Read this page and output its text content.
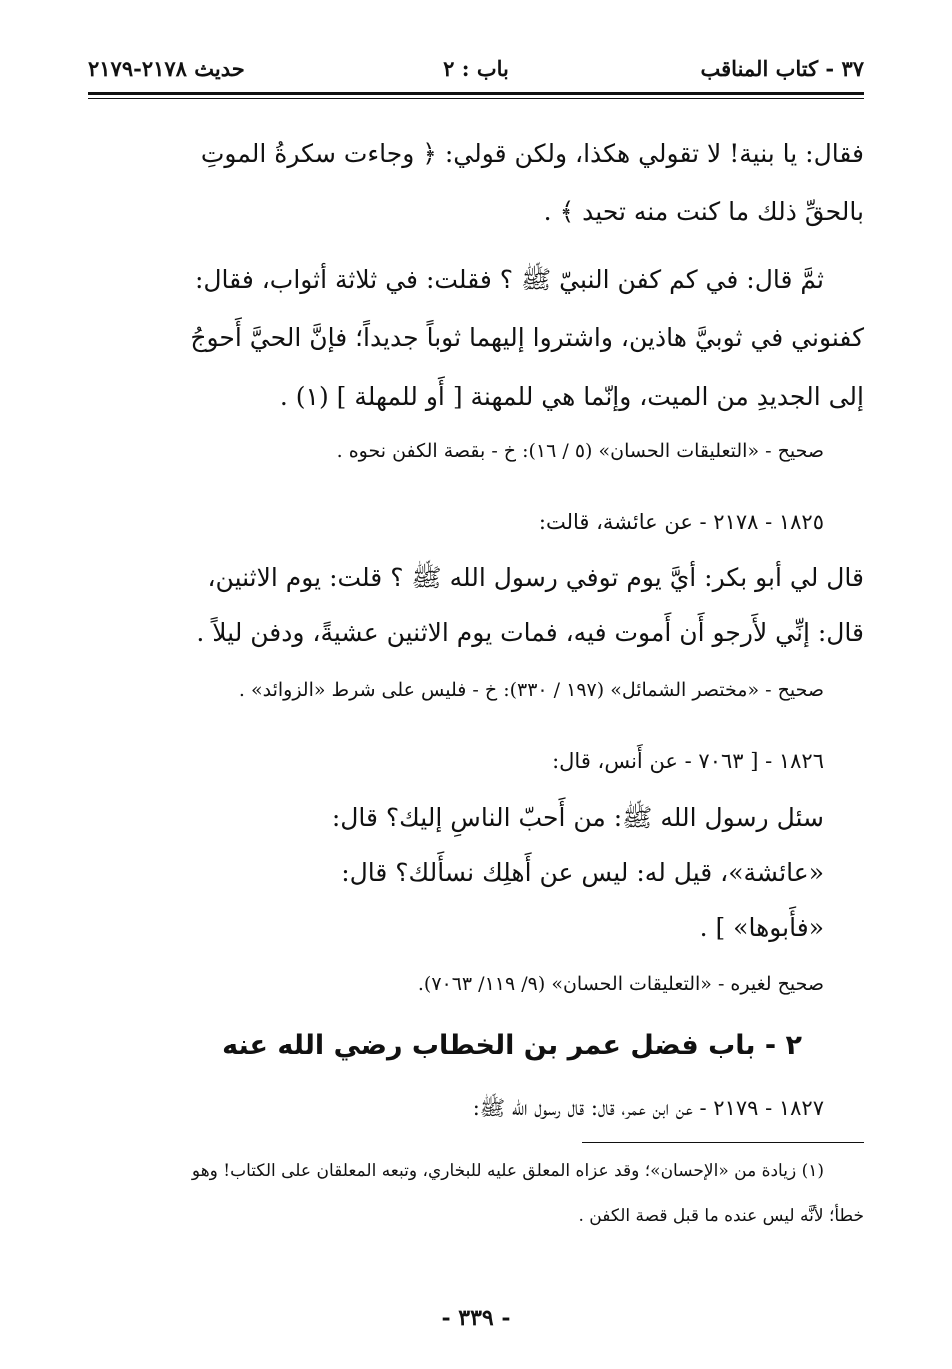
٣٧ - كتاب المناقب
باب : ٢
حديث ٢١٧٨-٢١٧٩
فقال: يا بنية! لا تقولي هكذا، ولكن قولي: ﴿ وجاءت سكرةُ الموتِ
بالحقِّ ذلك ما كنت منه تحيد ﴾ .
ثمَّ قال: في كم كفن النبيّ ﷺ ؟ فقلت: في ثلاثة أثواب، فقال:
كفنوني في ثوبيَّ هاذين، واشتروا إليهما ثوباً جديداً؛ فإنَّ الحيَّ أَحوجُ
إلى الجديدِ من الميت، وإنّما هي للمهنة [ أَو للمهلة ] (١) .
صحيح - «التعليقات الحسان» (٥ / ١٦): خ - بقصة الكفن نحوه .
١٨٢٥ - ٢١٧٨ - عن عائشة، قالت:
قال لي أبو بكر: أيَّ يوم توفي رسول الله ﷺ ؟ قلت: يوم الاثنين،
قال: إنِّي لأَرجو أَن أَموت فيه، فمات يوم الاثنين عشيةً، ودفن ليلاً .
صحيح - «مختصر الشمائل» (١٩٧ / ٣٣٠): خ - فليس على شرط «الزوائد» .
١٨٢٦ - [ ٧٠٦٣ - عن أَنس، قال:
سئل رسول الله ﷺ: من أَحبّ الناسِ إليك؟ قال:
«عائشة»، قيل له: ليس عن أَهلِك نسأَلك؟ قال:
«فأَبوها» ] .
صحيح لغيره - «التعليقات الحسان» (٩/ ١١٩/ ٧٠٦٣).
٢ - باب فضل عمر بن الخطاب رضي الله عنه
١٨٢٧ - ٢١٧٩ - عن ابن عمر، قال: قال رسول الله ﷺ:
(١) زيادة من «الإحسان»؛ وقد عزاه المعلق عليه للبخاري، وتبعه المعلقان على الكتاب! وهو
خطأ؛ لأنَّه ليس عنده ما قبل قصة الكفن .
- ٣٣٩ -
